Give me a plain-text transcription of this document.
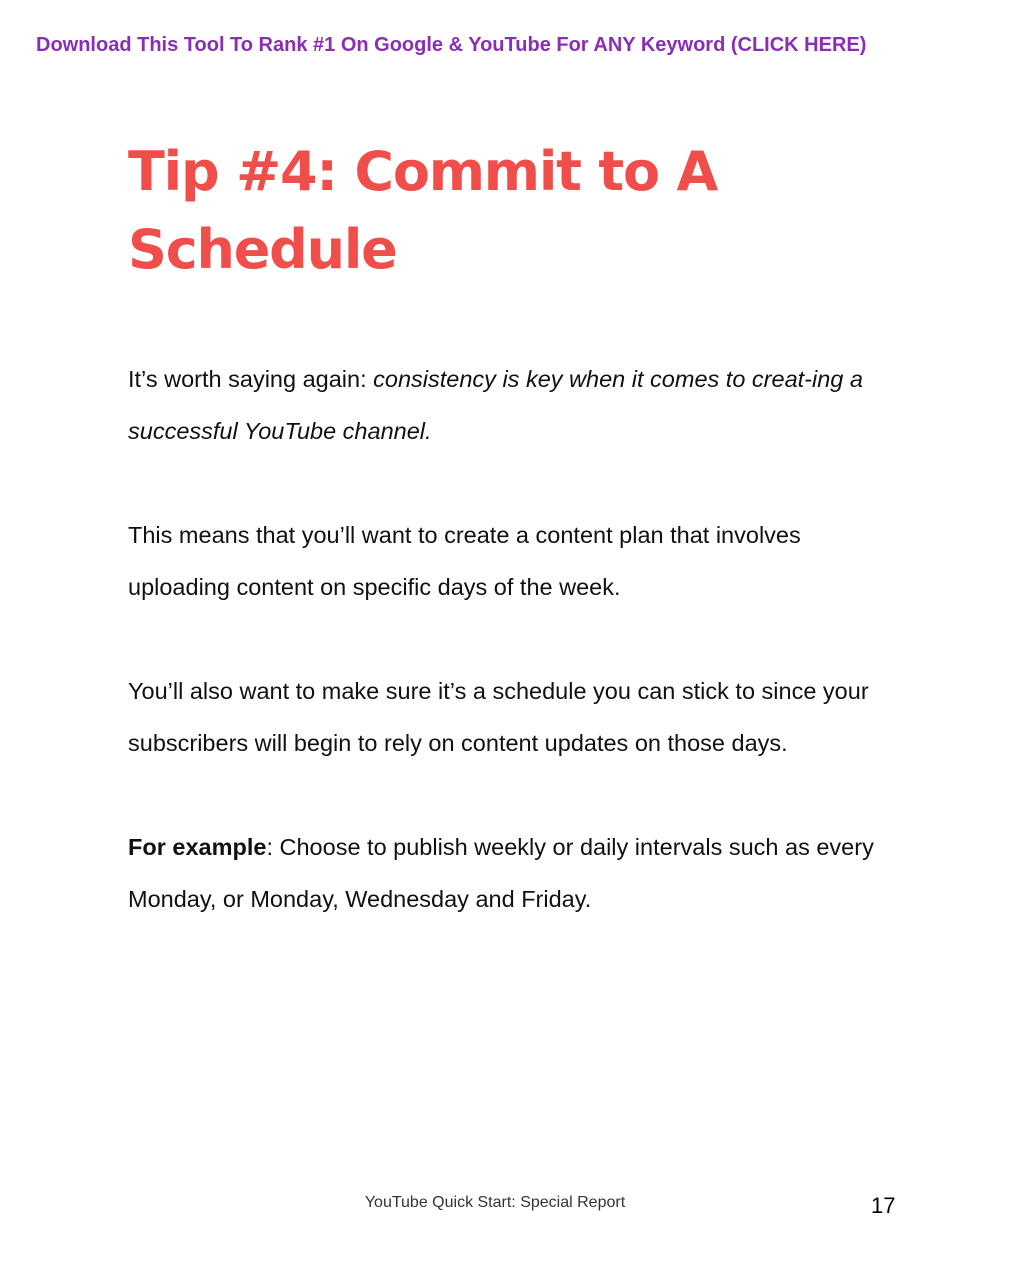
Download This Tool To Rank #1 On Google & YouTube For ANY Keyword (CLICK HERE)
Tip #4: Commit to A Schedule

It’s worth saying again: consistency is key when it comes to creat-ing a successful YouTube channel.

This means that you’ll want to create a content plan that involves uploading content on specific days of the week.

You’ll also want to make sure it’s a schedule you can stick to since your subscribers will begin to rely on content updates on those days.

For example: Choose to publish weekly or daily intervals such as every Monday, or Monday, Wednesday and Friday.

YouTube Quick Start: Special Report	17
